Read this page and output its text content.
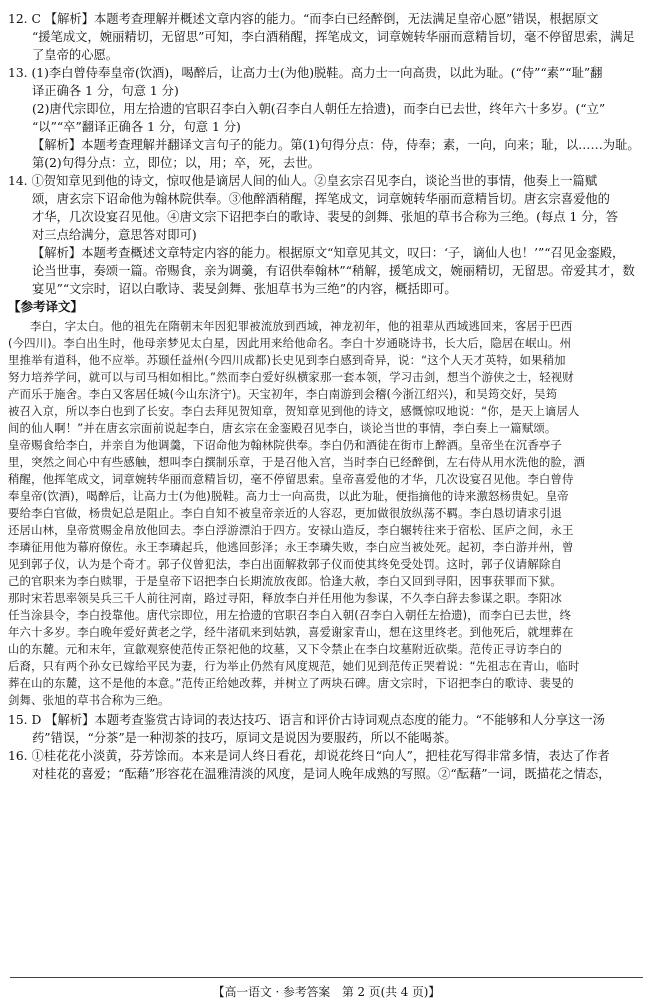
12. C 【解析】本题考查理解并概述文章内容的能力。“而李白已经醉倒，无法满足皇帝心愿”错误，根据原文
“援笔成文，婉丽精切，无留思”可知，李白酒稍醒，挥笔成文，词章婉转华丽而意精旨切，毫不停留思索，满足
了皇帝的心愿。
13. (1)李白曾侍奉皇帝(饮酒)，喝醉后，让高力士(为他)脱鞋。高力士一向高贵，以此为耻。(“侍”“素”“耻”翻
译正确各 1 分，句意 1 分)
(2)唐代宗即位，用左拾遗的官职召李白入朝(召李白人朝任左拾遗)，而李白已去世，终年六十多岁。(“立”
“以”“卒”翻译正确各 1 分，句意 1 分)
【解析】本题考查理解并翻译文言句子的能力。第(1)句得分点：侍，侍奉；素，一向，向来；耻，以……为耻。
第(2)句得分点：立，即位；以，用；卒，死，去世。
14. ①贺知章见到他的诗文，惊叹他是谪居人间的仙人。②皇玄宗召见李白，谈论当世的事情，他奏上一篇赋
颂，唐玄宗下诏命他为翰林院供奉。③他醉酒稍醒，挥笔成文，词章婉转华丽而意精旨切。唐玄宗喜爱他的
才华，几次设宴召见他。④唐文宗下诏把李白的歌诗、裴旻的剑舞、张旭的草书合称为三绝。(每点 1 分，答
对三点给满分，意思答对即可)
【解析】本题考查概述文章特定内容的能力。根据原文“知章见其文，叹曰：‘子，谪仙人也！’”“召见金銮殿，
论当世事，奏颂一篇。帝赐食，亲为调羹，有诏供奉翰林”“稍解，援笔成文，婉丽精切，无留思。帝爱其才，数
宴见”“文宗时，诏以白歌诗、裴旻剑舞、张旭草书为三绝”的内容，概括即可。
【参考译文】
李白，字太白。他的祖先在隋朝末年因犯罪被流放到西域，神龙初年，他的祖辈从西域逃回来，客居于巴西
(今四川)。李白出生时，他母亲梦见太白星，因此用来给他命名。李白十岁通晓诗书，长大后，隐居在岷山。州
里推举有道科，他不应举。苏颋任益州(今四川成都)长史见到李白感到奇异，说：“这个人天才英特，如果稍加
努力培养学问，就可以与司马相如相比。”然而李白爱好纵横家那一套本领，学习击剑，想当个游侠之士，轻视财
产而乐于施舍。李白又客居任城(今山东济宁)。天宝初年，李白南游到会稽(今浙江绍兴)，和吴筠交好，吴筠
被召入京，所以李白也到了长安。李白去拜见贺知章，贺知章见到他的诗文，感慨惊叹地说：“你，是天上谪居人
间的仙人啊！”并在唐玄宗面前说起李白，唐玄宗在金銮殿召见李白，谈论当世的事情，李白奏上一篇赋颂。
皇帝赐食给李白，并亲自为他调羹，下诏命他为翰林院供奉。李白仍和酒徒在街市上醉酒。皇帝坐在沉香亭子
里，突然之间心中有些感触，想叫李白撰制乐章，于是召他入宫，当时李白已经醉倒，左右侍从用水洗他的脸，酒
稍醒，他挥笔成文，词章婉转华丽而意精旨切，毫不停留思索。皇帝喜爱他的才华，几次设宴召见他。李白曾侍
奉皇帝(饮酒)，喝醉后，让高力士(为他)脱鞋。高力士一向高贵，以此为耻，便指摘他的诗来激怒杨贵妃。皇帝
要给李白官做，杨贵妃总是阻止。李白自知不被皇帝亲近的人容忍，更加做很放纵荡不羁。李白恳切请求引退
还居山林，皇帝赏赐金帛放他回去。李白浮游漂泊于四方。安禄山造反，李白辗转往来于宿松、匡庐之间，永王
李璘征用他为幕府僚佐。永王李璘起兵，他逃回彭泽；永王李璘失败，李白应当被处死。起初，李白游并州，曾
见到郭子仪，认为是个奇才。郭子仪曾犯法，李白出面解救郭子仪而使其终免受处罚。这时，郭子仪请解除自
己的官职来为李白赎罪，于是皇帝下诏把李白长期流放夜郎。恰逢大赦，李白又回到寻阳，因事获罪而下狱。
那时宋若思率领吴兵三千人前往河南，路过寻阳，释放李白并任用他为参谋，不久李白辞去参谋之职。李阳冰
任当涂县令，李白投靠他。唐代宗即位，用左拾遗的官职召李白入朝(召李白入朝任左拾遗)，而李白已去世，终
年六十多岁。李白晚年爱好黄老之学，经牛渚矶来到姑孰，喜爱谢家青山，想在这里终老。到他死后，就埋葬在
山的东麓。元和末年，宣歙观察使范传正祭祀他的坟墓，又下令禁止在李白坟墓附近砍柴。范传正寻访李白的
后裔，只有两个孙女已嫁给平民为妻，行为举止仍然有风度规范，她们见到范传正哭着说：“先祖志在青山，临时
葬在山的东麓，这不是他的本意。”范传正给她改葬，并树立了两块石碑。唐文宗时，下诏把李白的歌诗、裴旻的
剑舞、张旭的草书合称为三绝。
15. D 【解析】本题考查鉴赏古诗词的表达技巧、语言和评价古诗词观点态度的能力。“不能够和人分享这一汤
药”错误，“分茶”是一种沏茶的技巧，原词文是说因为要服药，所以不能喝茶。
16. ①桂花花小淡黄，芬芳馀而。本来是词人终日看花，却说花终日“向人”，把桂花写得非常多情，表达了作者
对桂花的喜爱；“酝藉”形容花在温雅清淡的风度，是词人晚年成熟的写照。②“酝藉”一词，既描花之情态，
【高一语文 · 参考答案　第 2 页(共 4 页)】
